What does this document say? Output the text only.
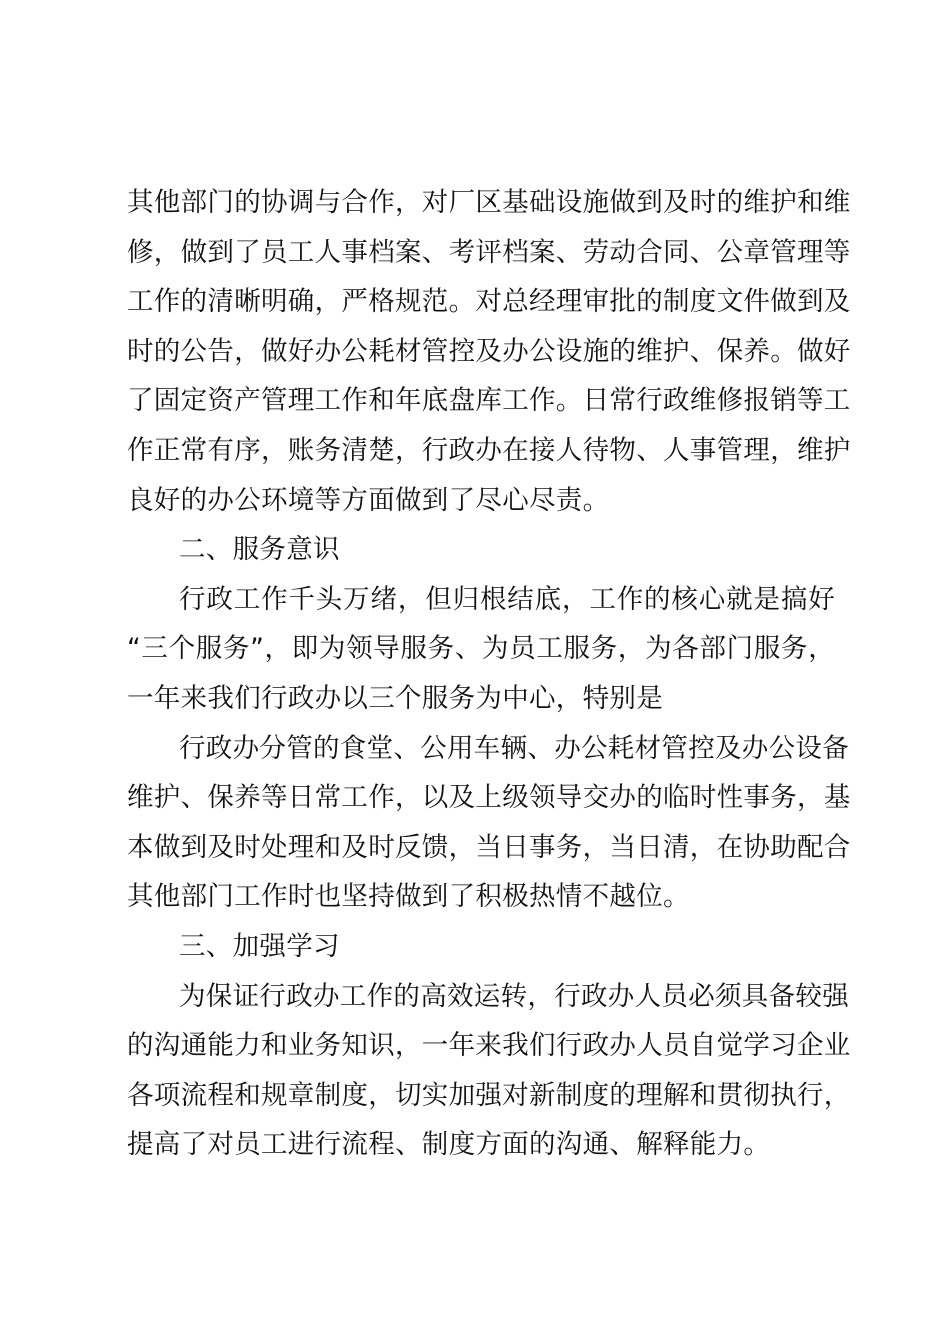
其他部门的协调与合作，对厂区基础设施做到及时的维护和维
修，做到了员工人事档案、考评档案、劳动合同、公章管理等
工作的清晰明确，严格规范。对总经理审批的制度文件做到及
时的公告，做好办公耗材管控及办公设施的维护、保养。做好
了固定资产管理工作和年底盘库工作。日常行政维修报销等工
作正常有序，账务清楚，行政办在接人待物、人事管理，维护
良好的办公环境等方面做到了尽心尽责。
二、服务意识
行政工作千头万绪，但归根结底，工作的核心就是搞好
“三个服务”，即为领导服务、为员工服务，为各部门服务，
一年来我们行政办以三个服务为中心，特别是
行政办分管的食堂、公用车辆、办公耗材管控及办公设备
维护、保养等日常工作，以及上级领导交办的临时性事务，基
本做到及时处理和及时反馈，当日事务，当日清，在协助配合
其他部门工作时也坚持做到了积极热情不越位。
三、加强学习
为保证行政办工作的高效运转，行政办人员必须具备较强
的沟通能力和业务知识，一年来我们行政办人员自觉学习企业
各项流程和规章制度，切实加强对新制度的理解和贯彻执行，
提高了对员工进行流程、制度方面的沟通、解释能力。
